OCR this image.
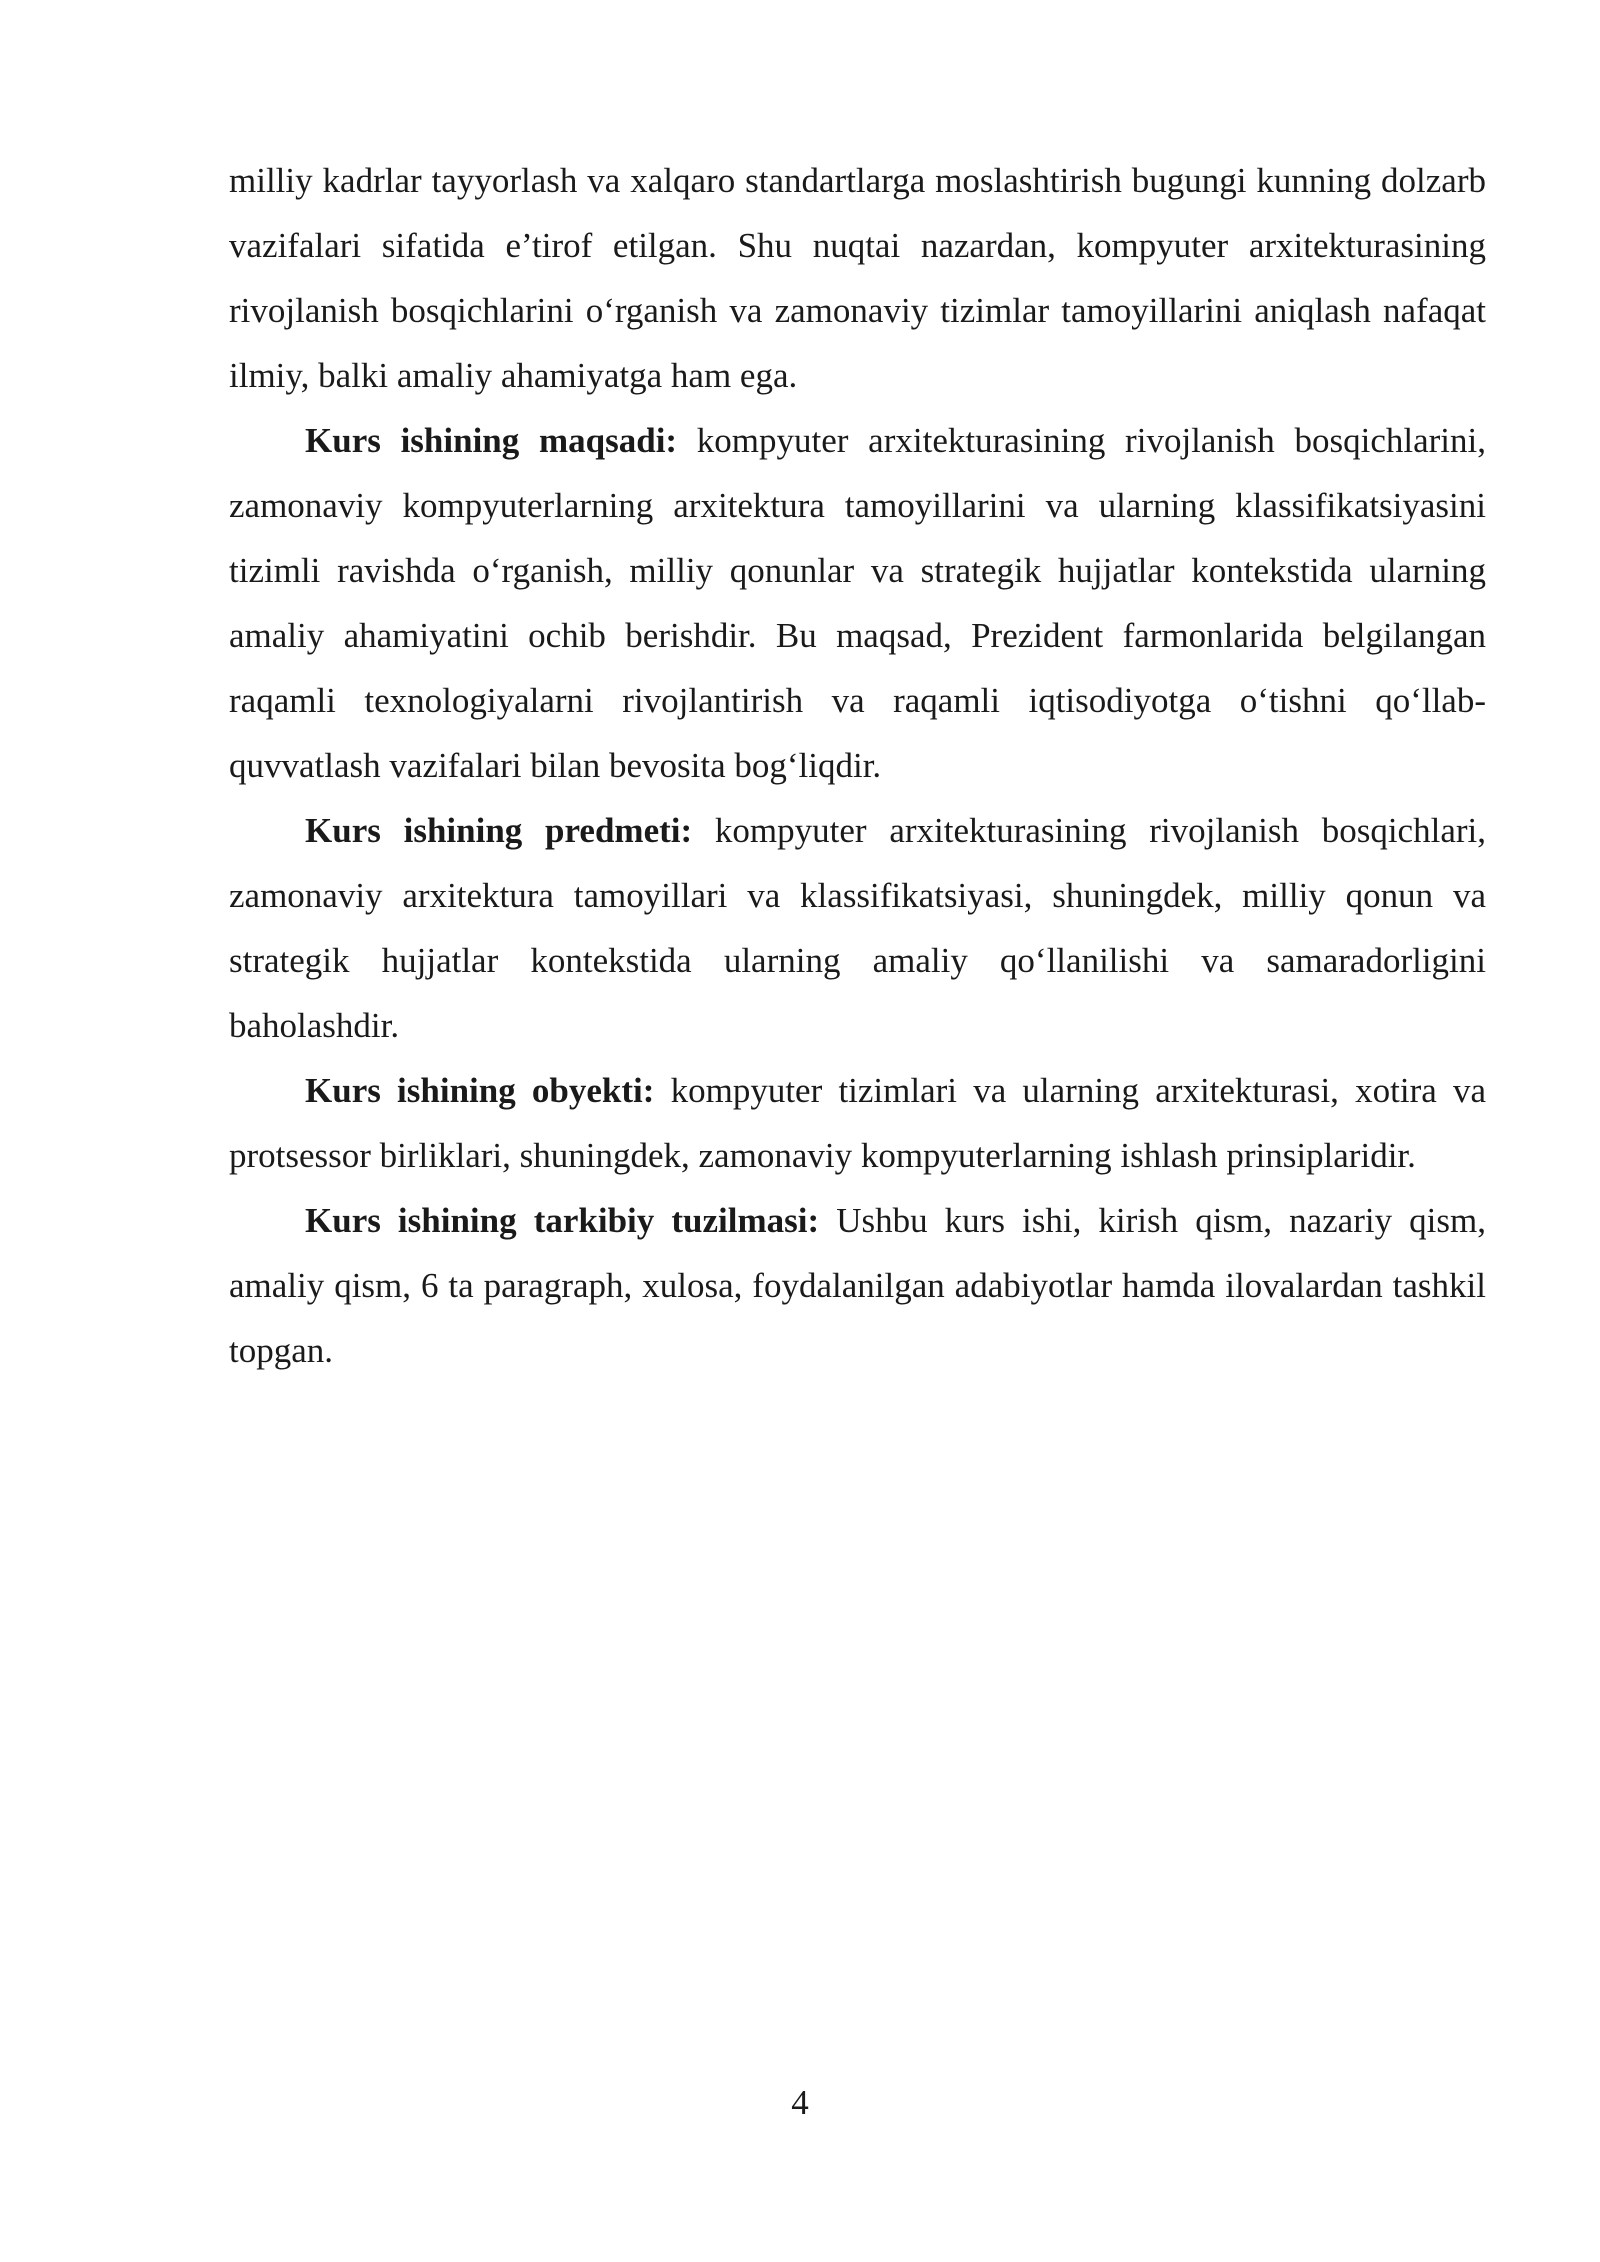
milliy kadrlar tayyorlash va xalqaro standartlarga moslashtirish bugungi kunning dolzarb vazifalari sifatida e’tirof etilgan. Shu nuqtai nazardan, kompyuter arxitekturasining rivojlanish bosqichlarini o‘rganish va zamonaviy tizimlar tamoyillarini aniqlash nafaqat ilmiy, balki amaliy ahamiyatga ham ega.

Kurs ishining maqsadi: kompyuter arxitekturasining rivojlanish bosqichlarini, zamonaviy kompyuterlarning arxitektura tamoyillarini va ularning klassifikatsiyasini tizimli ravishda o‘rganish, milliy qonunlar va strategik hujjatlar kontekstida ularning amaliy ahamiyatini ochib berishdir. Bu maqsad, Prezident farmonlarida belgilangan raqamli texnologiyalarni rivojlantirish va raqamli iqtisodiyotga o‘tishni qo‘llab-quvvatlash vazifalari bilan bevosita bog‘liqdir.

Kurs ishining predmeti: kompyuter arxitekturasining rivojlanish bosqichlari, zamonaviy arxitektura tamoyillari va klassifikatsiyasi, shuningdek, milliy qonun va strategik hujjatlar kontekstida ularning amaliy qo‘llanilishi va samaradorligini baholashdir.

Kurs ishining obyekti: kompyuter tizimlari va ularning arxitekturasi, xotira va protsessor birliklari, shuningdek, zamonaviy kompyuterlarning ishlash prinsiplaridir.

Kurs ishining tarkibiy tuzilmasi: Ushbu kurs ishi, kirish qism, nazariy qism, amaliy qism, 6 ta paragraph, xulosa, foydalanilgan adabiyotlar hamda ilovalardan tashkil topgan.

4
